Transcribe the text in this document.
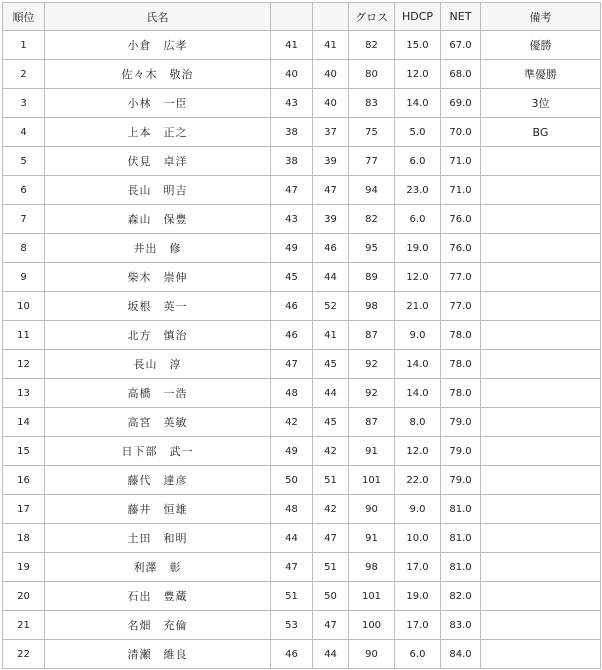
順位	氏名			グロス	HDCP	NET	備考
1	小倉　広孝	41	41	82	15.0	67.0	優勝
2	佐々木　敬治	40	40	80	12.0	68.0	準優勝
3	小林　一臣	43	40	83	14.0	69.0	3位
4	上本　正之	38	37	75	5.0	70.0	BG
5	伏見　卓洋	38	39	77	6.0	71.0	
6	長山　明吉	47	47	94	23.0	71.0	
7	森山　保豊	43	39	82	6.0	76.0	
8	井出　修	49	46	95	19.0	76.0	
9	柴木　崇伸	45	44	89	12.0	77.0	
10	坂根　英一	46	52	98	21.0	77.0	
11	北方　慎治	46	41	87	9.0	78.0	
12	長山　淳	47	45	92	14.0	78.0	
13	高橋　一浩	48	44	92	14.0	78.0	
14	高宮　英敏	42	45	87	8.0	79.0	
15	日下部　武一	49	42	91	12.0	79.0	
16	藤代　達彦	50	51	101	22.0	79.0	
17	藤井　恒雄	48	42	90	9.0	81.0	
18	土田　和明	44	47	91	10.0	81.0	
19	利澤　彰	47	51	98	17.0	81.0	
20	石出　豊蔵	51	50	101	19.0	82.0	
21	名畑　充倫	53	47	100	17.0	83.0	
22	清瀬　維良	46	44	90	6.0	84.0	
